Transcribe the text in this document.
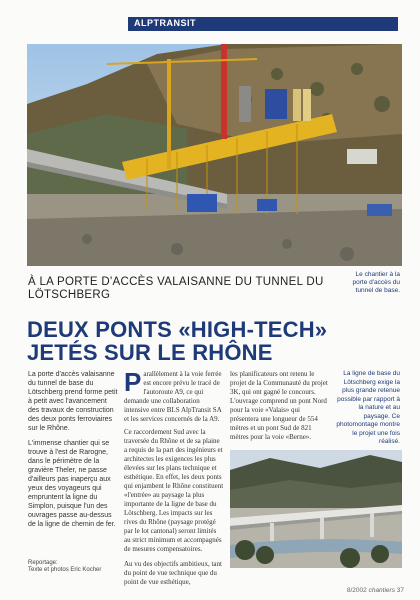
ALPTRANSIT
À LA PORTE D'ACCÈS VALAISANNE DU TUNNEL DU LÖTSCHBERG
Le chantier à la porte d'accès du tunnel de base.
DEUX PONTS «HIGH-TECH» JETÉS SUR LE RHÔNE

La porte d'accès valaisanne du tunnel de base du Lötschberg prend forme petit à petit avec l'avancement des travaux de construction des deux ponts ferroviaires sur le Rhône.

L'immense chantier qui se trouve à l'est de Rarogne, dans le périmètre de la gravière Theler, ne passe d'ailleurs pas inaperçu aux yeux des voyageurs qui empruntent la ligne du Simplon, puisque l'un des ouvrages passe au-dessus de la ligne de chemin de fer.

Parallèlement à la voie ferrée est encore prévu le tracé de l'autoroute A9, ce qui demande une collaboration intensive entre BLS AlpTransit SA et les services concernés de la A9.

Ce raccordement Sud avec la traversée du Rhône et de sa plaine a requis de la part des ingénieurs et architectes les exigences les plus élevées sur les plans technique et esthétique. En effet, les deux ponts qui enjambent le Rhône constituent «l'entrée» au paysage la plus importante de la ligne de base du Lötschberg. Les impacts sur les rives du Rhône (paysage protégé par le lot cantonal) seront limités au strict minimum et accompagnés de mesures compensatoires.

Au vu des objectifs ambitieux, tant du point de vue technique que du point de vue esthétique,

les planificateurs ont retenu le projet de la Communauté du projet 3K, qui ont gagné le concours. L'ouvrage comprend un pont Nord pour la voie «Valais» qui présentera une longueur de 554 mètres et un pont Sud de 821 mètres pour la voie «Berne».

La ligne de base du Lötschberg exige la plus grande retenue possible par rapport à la nature et au paysage. Ce photomontage montre le projet une fois réalisé.
Reportage:
Texte et photos Eric Kocher
8/2002 chantiers 37
